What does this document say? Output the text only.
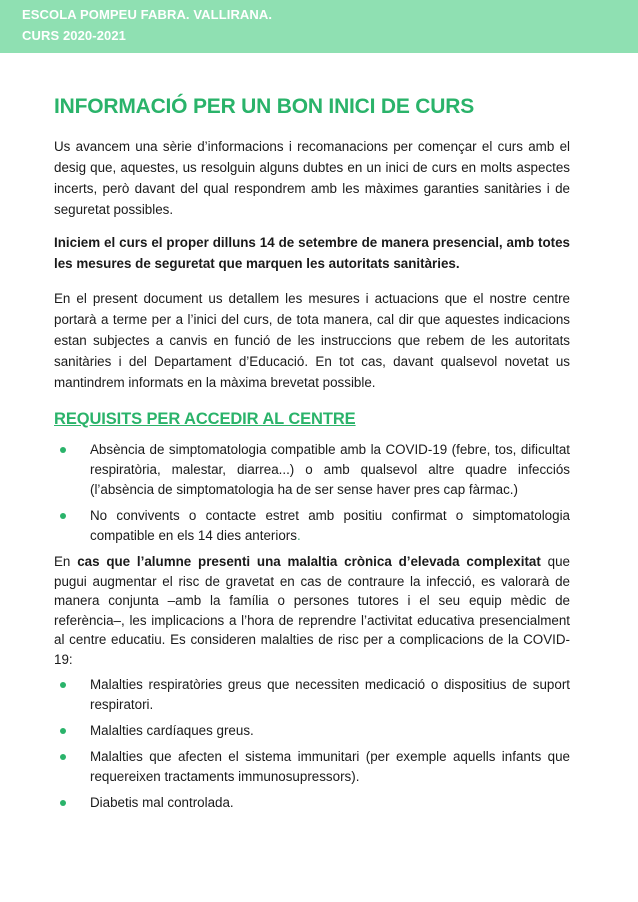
ESCOLA POMPEU FABRA. VALLIRANA.
CURS 2020-2021
INFORMACIÓ PER UN BON INICI DE CURS

Us avancem una sèrie d’informacions i recomanacions per començar el curs amb el desig que, aquestes, us resolguin alguns dubtes en un inici de curs en molts aspectes incerts, però davant del qual respondrem amb les màximes garanties sanitàries i de seguretat possibles.

Iniciem el curs el proper dilluns 14 de setembre de manera presencial, amb totes les mesures de seguretat que marquen les autoritats sanitàries.

En el present document us detallem les mesures i actuacions que el nostre centre portarà a terme per a l’inici del curs, de tota manera, cal dir que aquestes indicacions estan subjectes a canvis en funció de les instruccions que rebem de les autoritats sanitàries i del Departament d’Educació. En tot cas, davant qualsevol novetat us mantindrem informats en la màxima brevetat possible.

REQUISITS PER ACCEDIR AL CENTRE
Absència de simptomatologia compatible amb la COVID-19 (febre, tos, dificultat respiratòria, malestar, diarrea...) o amb qualsevol altre quadre infecciós (l’absència de simptomatologia ha de ser sense haver pres cap fàrmac.)
No convivents o contacte estret amb positiu confirmat o simptomatologia compatible en els 14 dies anteriors.

En cas que l’alumne presenti una malaltia crònica d’elevada complexitat que pugui augmentar el risc de gravetat en cas de contraure la infecció, es valorarà de manera conjunta –amb la família o persones tutores i el seu equip mèdic de referència–, les implicacions a l’hora de reprendre l’activitat educativa presencialment al centre educatiu. Es consideren malalties de risc per a complicacions de la COVID-19:

Malalties respiratòries greus que necessiten medicació o dispositius de suport respiratori.
Malalties cardíaques greus.
Malalties que afecten el sistema immunitari (per exemple aquells infants que requereixen tractaments immunosupressors).
Diabetis mal controlada.
